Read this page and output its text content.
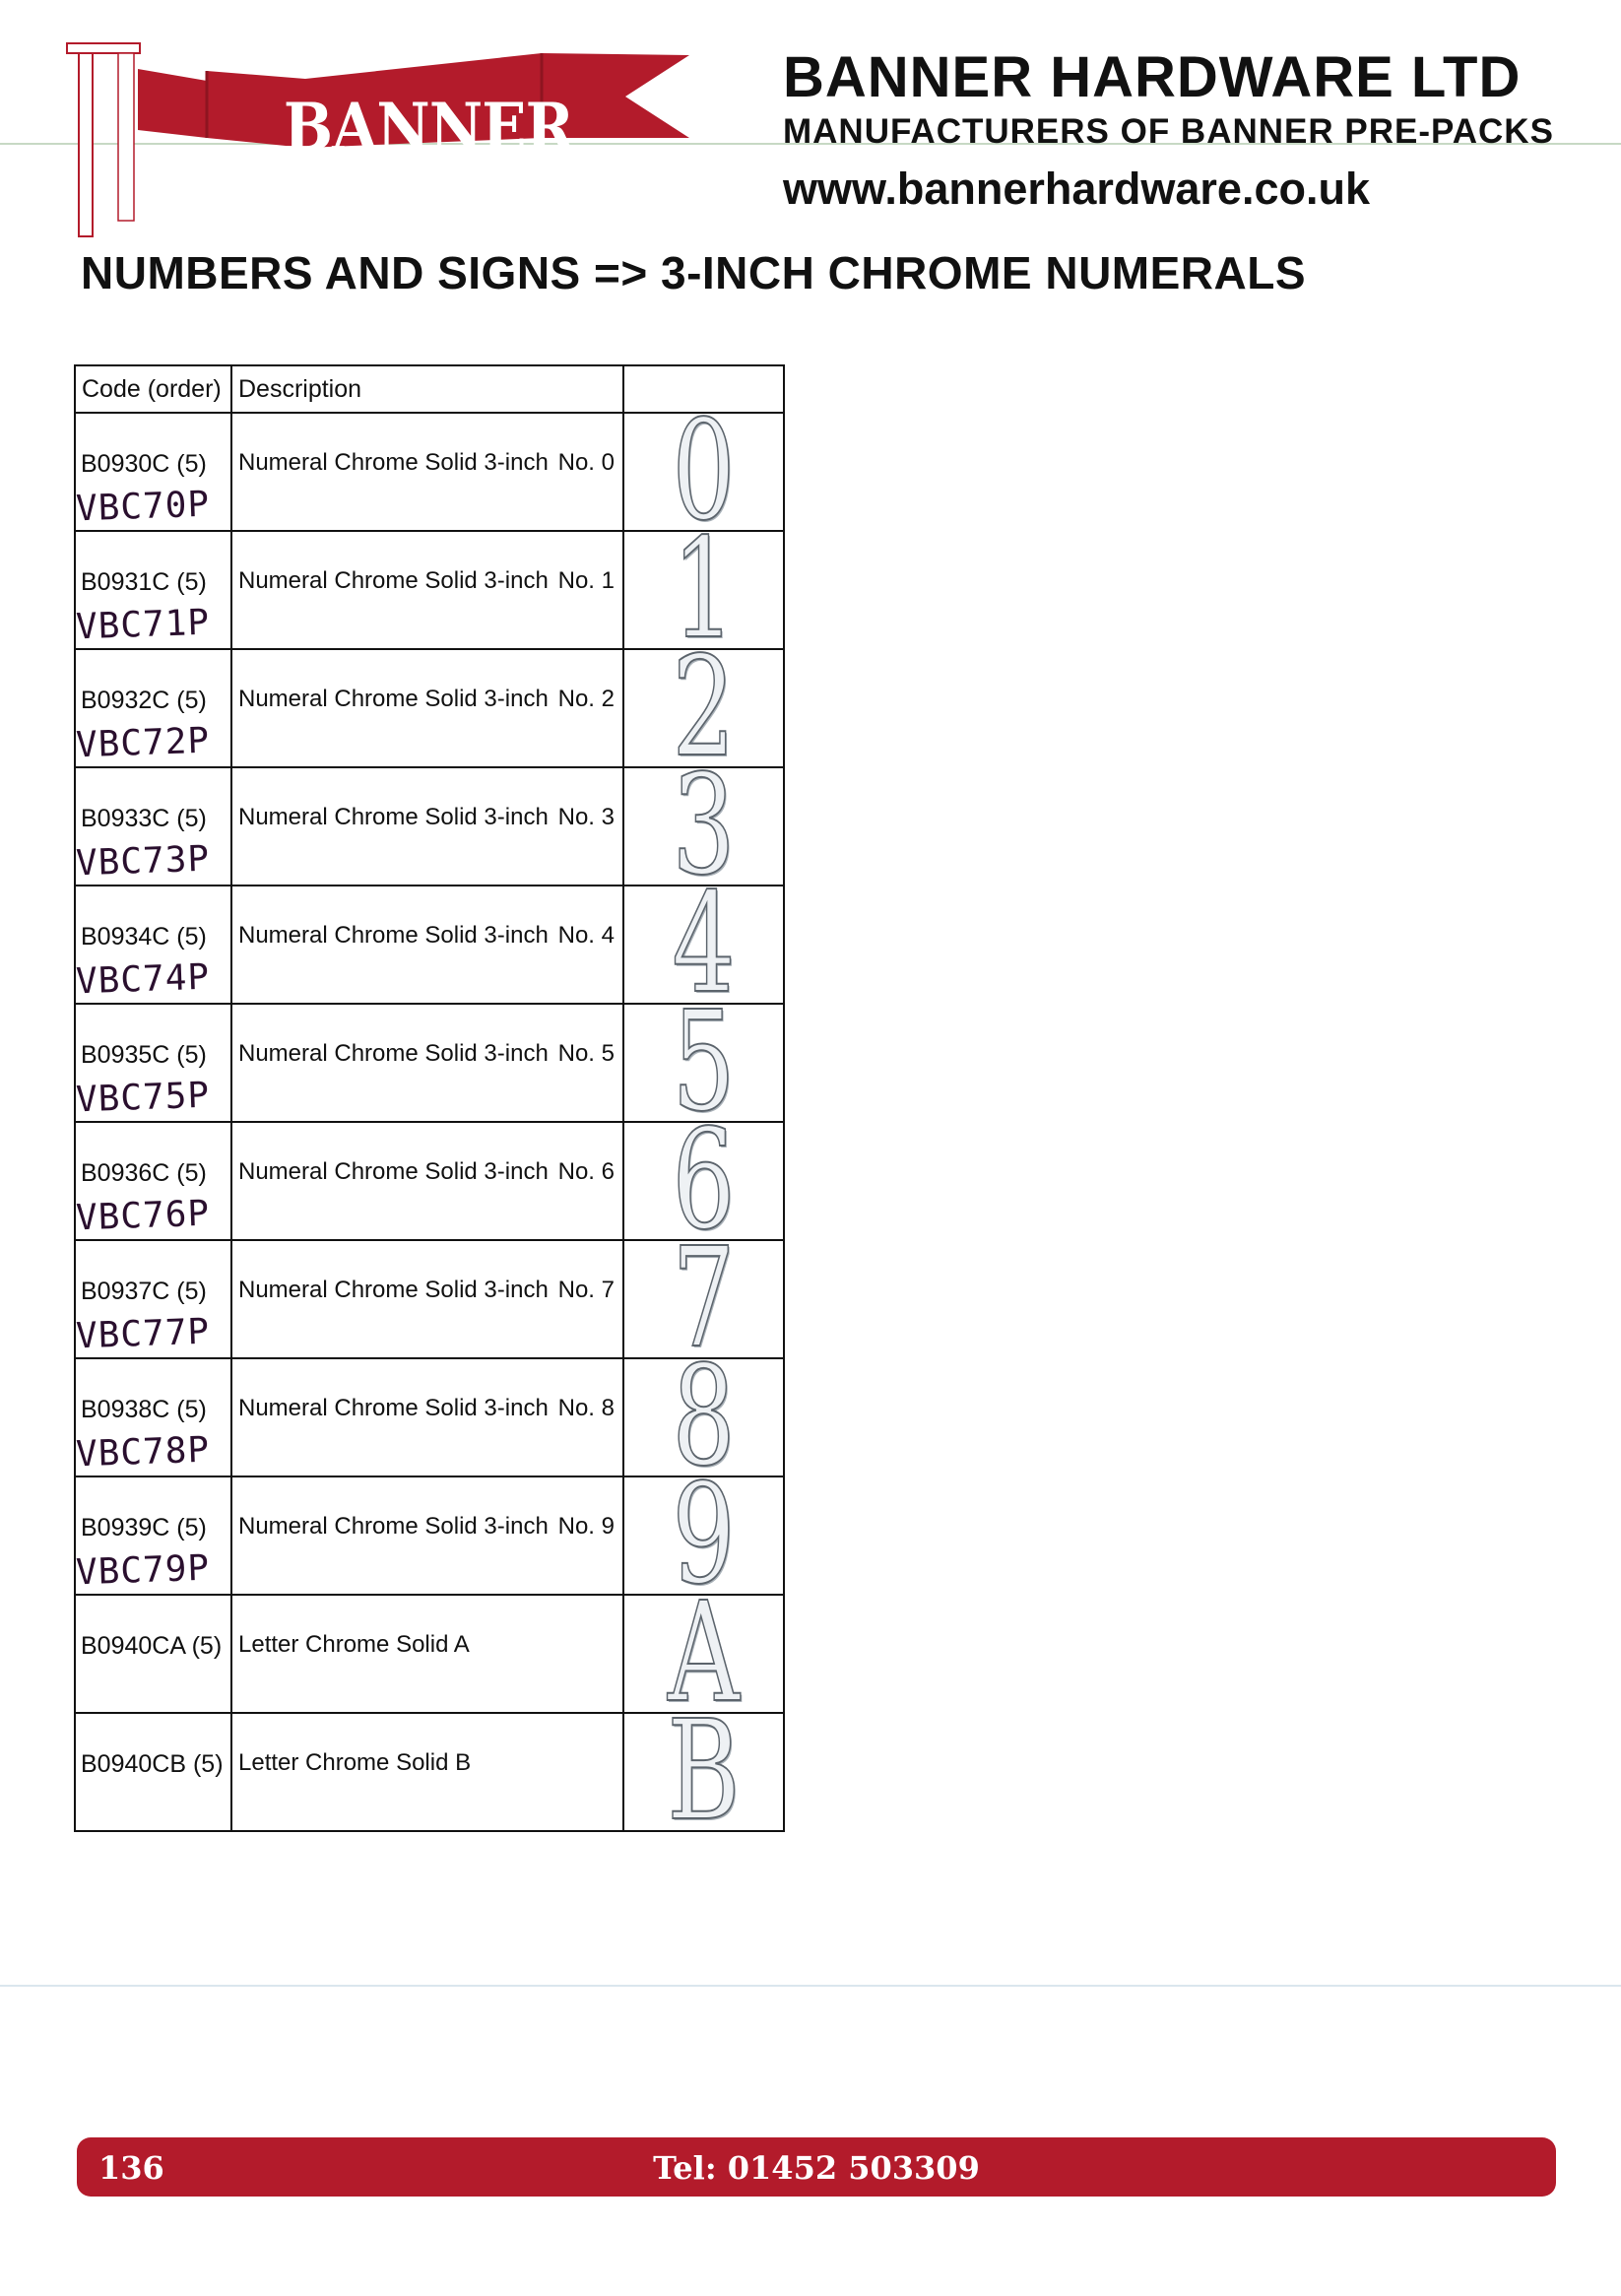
BANNER
BANNER HARDWARE LTD
MANUFACTURERS OF BANNER PRE-PACKS
www.bannerhardware.co.uk
NUMBERS AND SIGNS => 3-INCH CHROME NUMERALS
Code (order)	Description	

B0930C (5)
VBC70P	Numeral Chrome Solid 3-inch No. 0	0

B0931C (5)
VBC71P	Numeral Chrome Solid 3-inch No. 1	1

B0932C (5)
VBC72P	Numeral Chrome Solid 3-inch No. 2	2

B0933C (5)
VBC73P	Numeral Chrome Solid 3-inch No. 3	3

B0934C (5)
VBC74P	Numeral Chrome Solid 3-inch No. 4	4

B0935C (5)
VBC75P	Numeral Chrome Solid 3-inch No. 5	5

B0936C (5)
VBC76P	Numeral Chrome Solid 3-inch No. 6	6

B0937C (5)
VBC77P	Numeral Chrome Solid 3-inch No. 7	7

B0938C (5)
VBC78P	Numeral Chrome Solid 3-inch No. 8	8

B0939C (5)
VBC79P	Numeral Chrome Solid 3-inch No. 9	9

B0940CA (5)	Letter Chrome Solid A	A

B0940CB (5)	Letter Chrome Solid B	B
136	Tel: 01452 503309
